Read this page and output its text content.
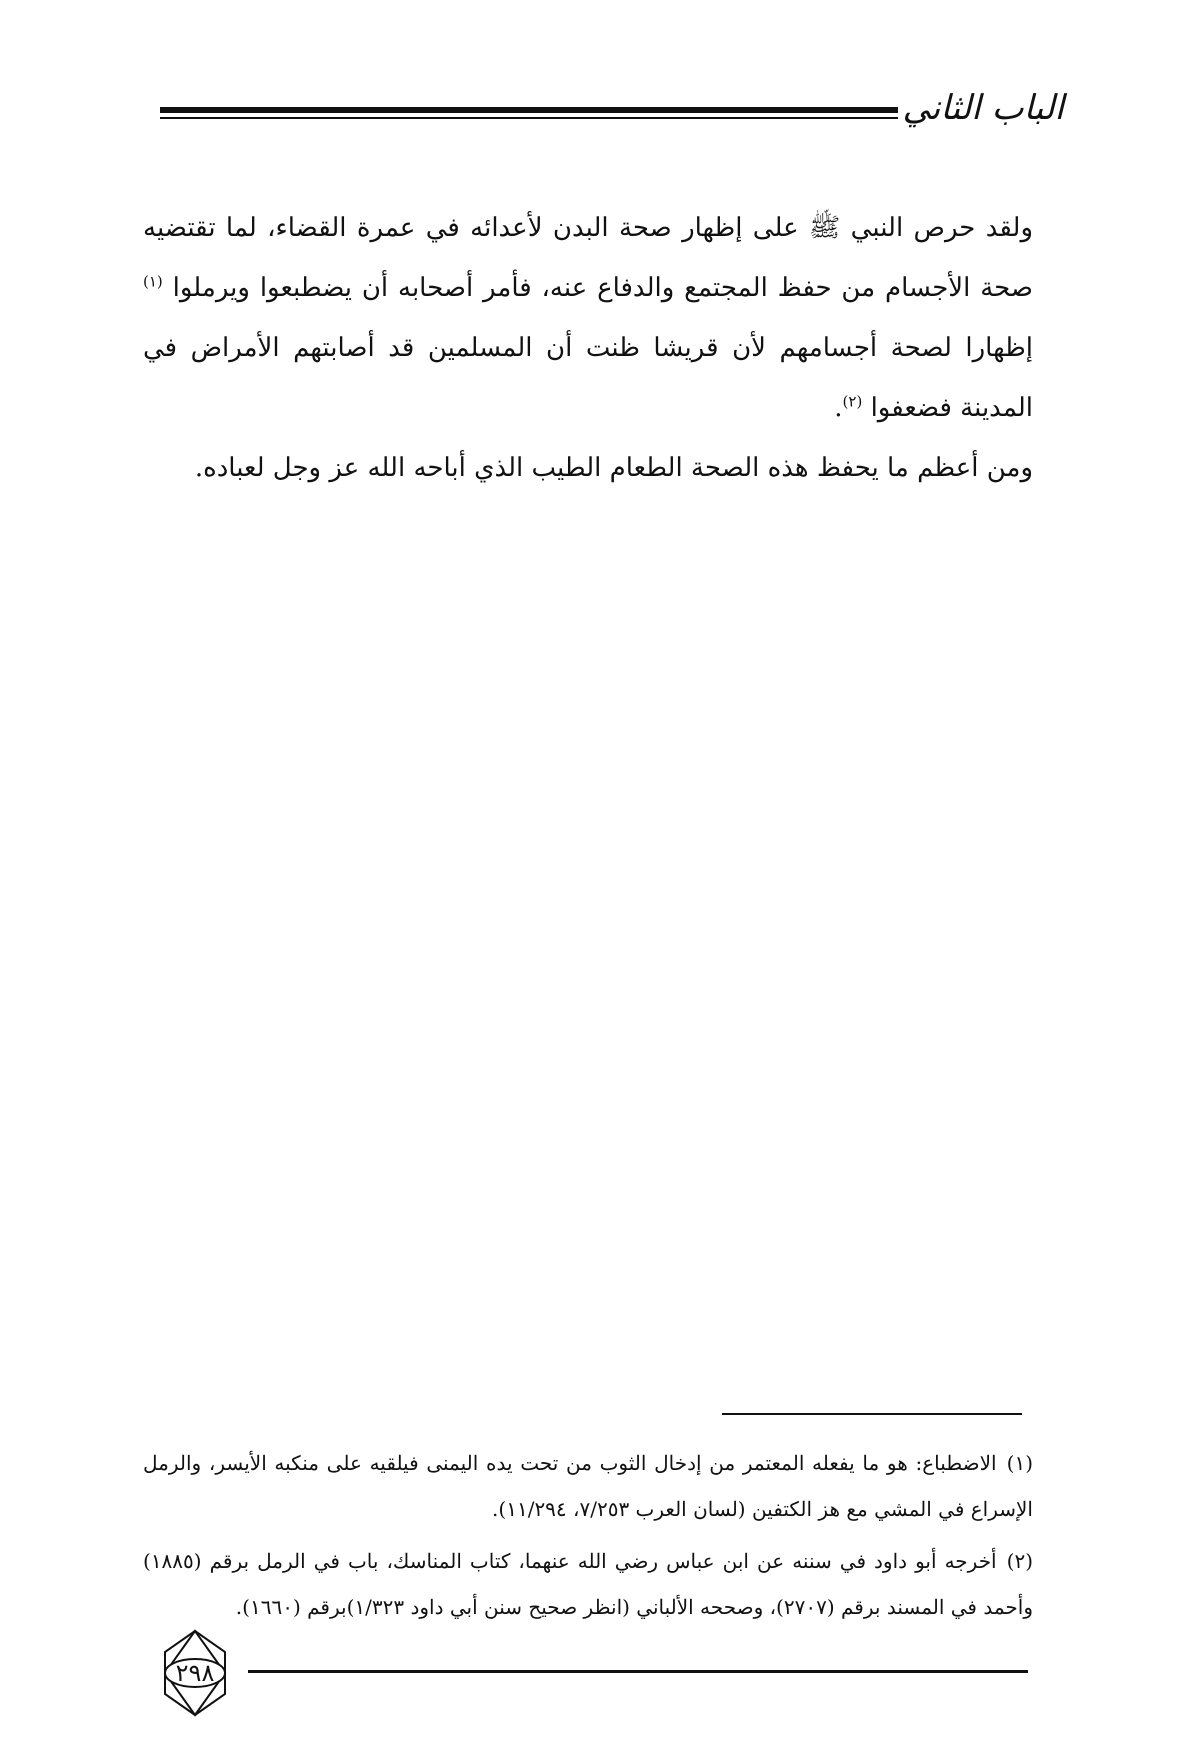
الباب الثاني

ولقد حرص النبي ﷺ على إظهار صحة البدن لأعدائه في عمرة القضاء، لما تقتضيه صحة الأجسام من حفظ المجتمع والدفاع عنه، فأمر أصحابه أن يضطبعوا ويرملوا $^{(١)}$ إظهارا لصحة أجسامهم لأن قريشا ظنت أن المسلمين قد أصابتهم الأمراض في المدينة فضعفوا $^{(٢)}$.

ومن أعظم ما يحفظ هذه الصحة الطعام الطيب الذي أباحه الله عز وجل لعباده.

(١)الاضطباع: هو ما يفعله المعتمر من إدخال الثوب من تحت يده اليمنى فيلقيه على منكبه الأيسر، والرمل الإسراع في المشي مع هز الكتفين (لسان العرب ٧/٢٥٣، ١١/٢٩٤).

(٢)أخرجه أبو داود في سننه عن ابن عباس رضي الله عنهما، كتاب المناسك، باب في الرمل برقم (١٨٨٥) وأحمد في المسند برقم (٢٧٠٧)، وصححه الألباني (انظر صحيح سنن أبي داود ١/٣٢٣)برقم (١٦٦٠).

٢٩٨
